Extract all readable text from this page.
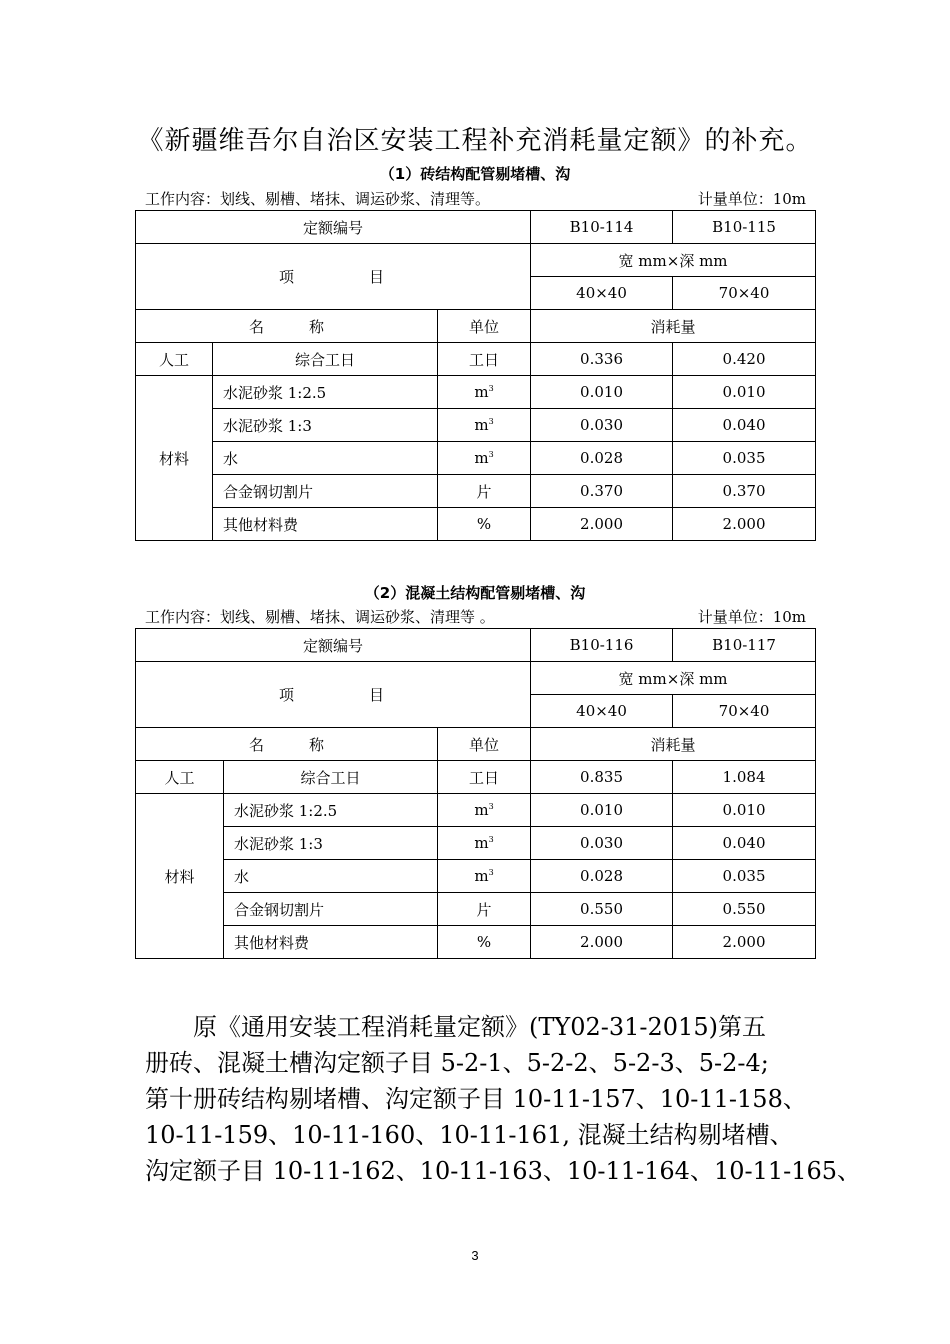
《新疆维吾尔自治区安装工程补充消耗量定额》的补充。
（1）砖结构配管剔堵槽、沟
工作内容：划线、剔槽、堵抹、调运砂浆、清理等。	计量单位：10m
定额编号			B10-114	B10-115
项　　　　目			宽 mm×深 mm	
			40×40	70×40
名　　　称		单位	消耗量	
人工	综合工日	工日	0.336	0.420
材料	水泥砂浆 1:2.5	$m^3$	0.010	0.010
	水泥砂浆 1:3	$m^3$	0.030	0.040
	水	$m^3$	0.028	0.035
	合金钢切割片	片	0.370	0.370
	其他材料费	%	2.000	2.000
（2）混凝土结构配管剔堵槽、沟
工作内容：划线、剔槽、堵抹、调运砂浆、清理等 。	计量单位：10m
定额编号			B10-116	B10-117
项　　　　目			宽 mm×深 mm	
			40×40	70×40
名　　　称		单位	消耗量	
人工	综合工日	工日	0.835	1.084
材料	水泥砂浆 1:2.5	$m^3$	0.010	0.010
	水泥砂浆 1:3	$m^3$	0.030	0.040
	水	$m^3$	0.028	0.035
	合金钢切割片	片	0.550	0.550
	其他材料费	%	2.000	2.000
　　原《通用安装工程消耗量定额》(TY02-31-2015)第五
册砖、混凝土槽沟定额子目 5-2-1、5-2-2、5-2-3、5-2-4;
第十册砖结构剔堵槽、沟定额子目 10-11-157、10-11-158、
10-11-159、10-11-160、10-11-161, 混凝土结构剔堵槽、
沟定额子目 10-11-162、10-11-163、10-11-164、10-11-165、
3
